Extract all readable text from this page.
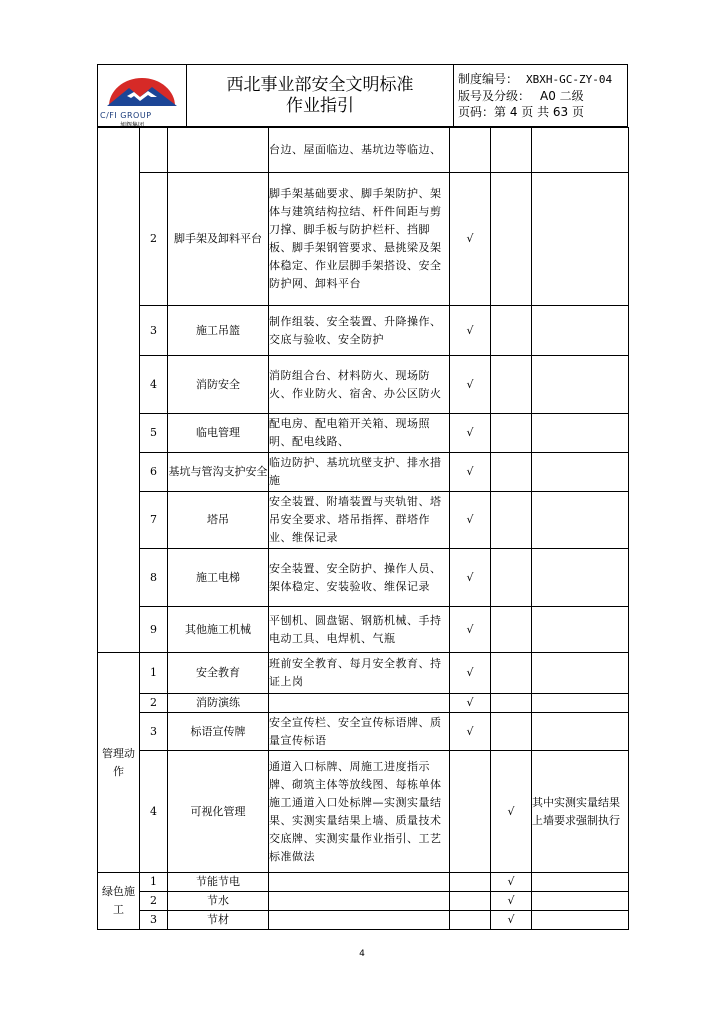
C/FI GROUP
旭辉集团
西北事业部安全文明标准
作业指引
制度编号： XBXH-GC-ZY-04
版号及分级： A0 二级
页码：第 4 页 共 63 页
			台边、屋面临边、基坑边等临边、			
	2	脚手架及卸料平台	脚手架基础要求、脚手架防护、架体与建筑结构拉结、杆件间距与剪刀撑、脚手板与防护栏杆、挡脚板、脚手架钢管要求、悬挑梁及架体稳定、作业层脚手架搭设、安全防护网、卸料平台	√		
	3	施工吊篮	制作组装、安全装置、升降操作、交底与验收、安全防护	√		
	4	消防安全	消防组合台、材料防火、现场防火、作业防火、宿舍、办公区防火	√		
	5	临电管理	配电房、配电箱开关箱、现场照明、配电线路、	√		
	6	基坑与管沟支护安全	临边防护、基坑坑壁支护、排水措施	√		
	7	塔吊	安全装置、附墙装置与夹轨钳、塔吊安全要求、塔吊指挥、群塔作业、维保记录	√		
	8	施工电梯	安全装置、安全防护、操作人员、架体稳定、安装验收、维保记录	√		
	9	其他施工机械	平刨机、圆盘锯、钢筋机械、手持电动工具、电焊机、气瓶	√		
管理动作	1	安全教育	班前安全教育、每月安全教育、持证上岗	√		
	2	消防演练		√		
	3	标语宣传牌	安全宣传栏、安全宣传标语牌、质量宣传标语	√		
	4	可视化管理	通道入口标牌、周施工进度指示牌、砌筑主体等放线图、每栋单体施工通道入口处标牌—实测实量结果、实测实量结果上墙、质量技术交底牌、实测实量作业指引、工艺标准做法		√	其中实测实量结果上墙要求强制执行
绿色施工	1	节能节电			√	
	2	节水			√	
	3	节材			√	
4
